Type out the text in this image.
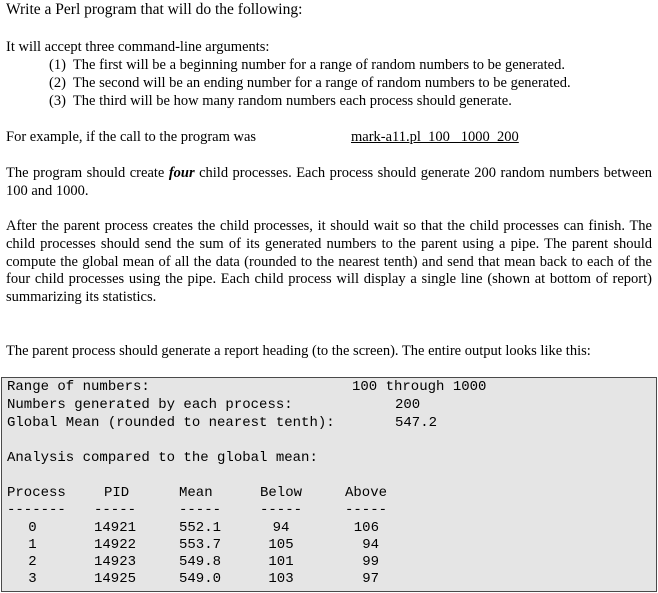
Write a Perl program that will do the following:
It will accept three command-line arguments:
(1) The first will be a beginning number for a range of random numbers to be generated.
(2) The second will be an ending number for a range of random numbers to be generated.
(3) The third will be how many random numbers each process should generate.
For example, if the call to the program was	mark-a11.pl  100   1000  200
The program should create four child processes. Each process should generate 200 random numbers between 100 and 1000.
After the parent process creates the child processes, it should wait so that the child processes can finish. The child processes should send the sum of its generated numbers to the parent using a pipe. The parent should compute the global mean of all the data (rounded to the nearest tenth) and send that mean back to each of the four child processes using the pipe. Each child process will display a single line (shown at bottom of report) summarizing its statistics.
The parent process should generate a report heading (to the screen). The entire output looks like this:
Range of numbers:	100 through 1000
Numbers generated by each process:	200
Global Mean (rounded to nearest tenth):	547.2
Analysis compared to the global mean:
Process	PID	Mean	Below	Above
------- -----	-----	-----	-----
0	14921	552.1	94	106
1	14922	553.7	105	94
2	14923	549.8	101	99
3	14925	549.0	103	97
